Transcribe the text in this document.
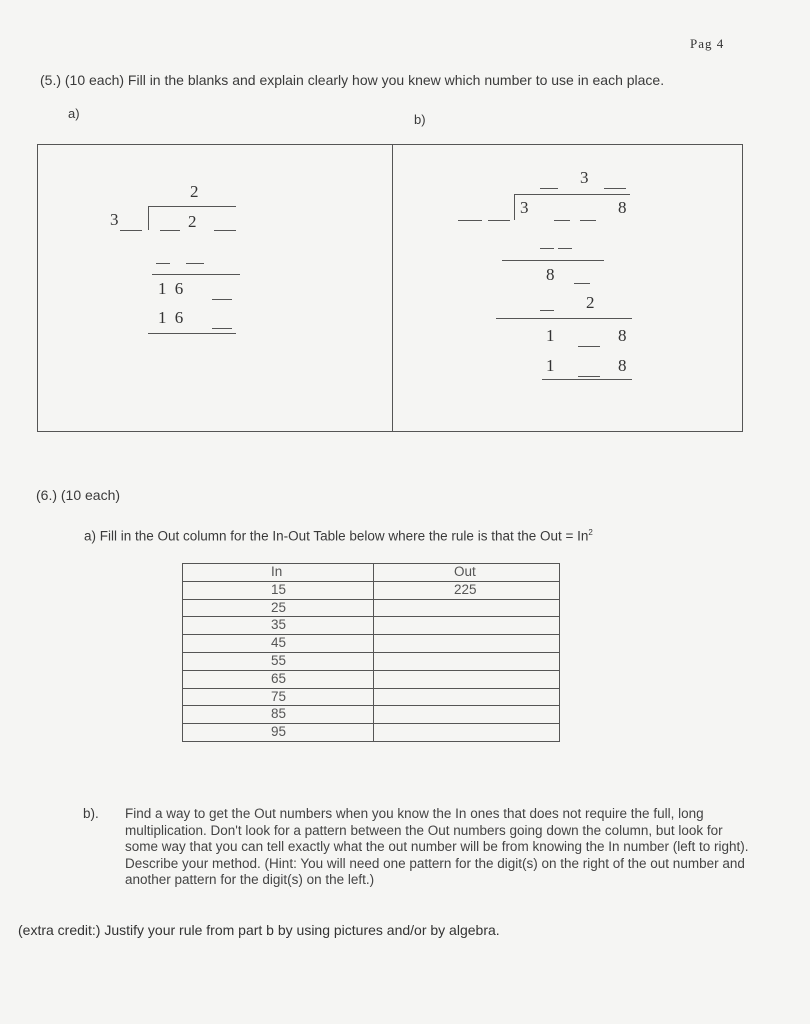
Pag 4
(5.) (10 each) Fill in the blanks and explain clearly how you knew which number to use in each place.
a)	b)
2
3	2
1 6
1 6
3
3	8
8
2
1	8
1	8
(6.) (10 each)
a) Fill in the Out column for the In-Out Table below where the rule is that the Out = $In^2$
In	Out
15	225
25	
35	
45	
55	
65	
75	
85	
95	
b). Find a way to get the Out numbers when you know the In ones that does not require the full, long multiplication. Don't look for a pattern between the Out numbers going down the column, but look for some way that you can tell exactly what the out number will be from knowing the In number (left to right). Describe your method. (Hint: You will need one pattern for the digit(s) on the right of the out number and another pattern for the digit(s) on the left.)
(extra credit:) Justify your rule from part b by using pictures and/or by algebra.
